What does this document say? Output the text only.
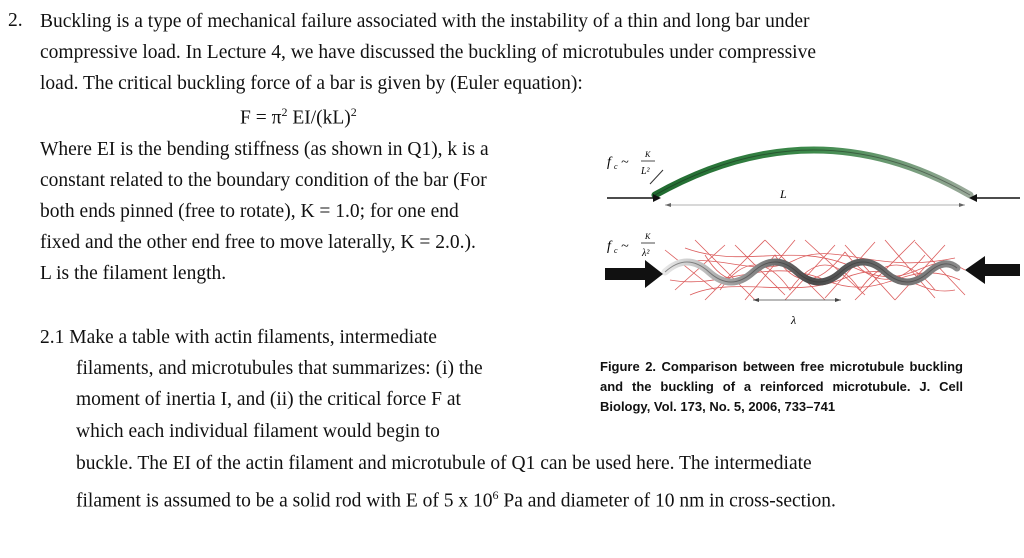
2. Buckling is a type of mechanical failure associated with the instability of a thin and long bar under
compressive load. In Lecture 4, we have discussed the buckling of microtubules under compressive
load. The critical buckling force of a bar is given by (Euler equation):
$F = \pi^2$ EI/(kL)$^2$
Where EI is the bending stiffness (as shown in Q1), k is a
constant related to the boundary condition of the bar (For
both ends pinned (free to rotate), K = 1.0; for one end
fixed and the other end free to move laterally, K = 2.0.).
L is the filament length.
2.1 Make a table with actin filaments, intermediate
filaments, and microtubules that summarizes: (i) the
moment of inertia I, and (ii) the critical force F at
which each individual filament would begin to
buckle. The EI of the actin filament and microtubule of Q1 can be used here. The intermediate
filament is assumed to be a solid rod with E of 5 x $10^6$ Pa and diameter of 10 nm in cross-section.
f c ~
K
L²
L
f c ~
K
λ²
λ
Figure 2. Comparison between free microtubule buckling and the buckling of a reinforced microtubule. J. Cell Biology, Vol. 173, No. 5, 2006, 733–741
